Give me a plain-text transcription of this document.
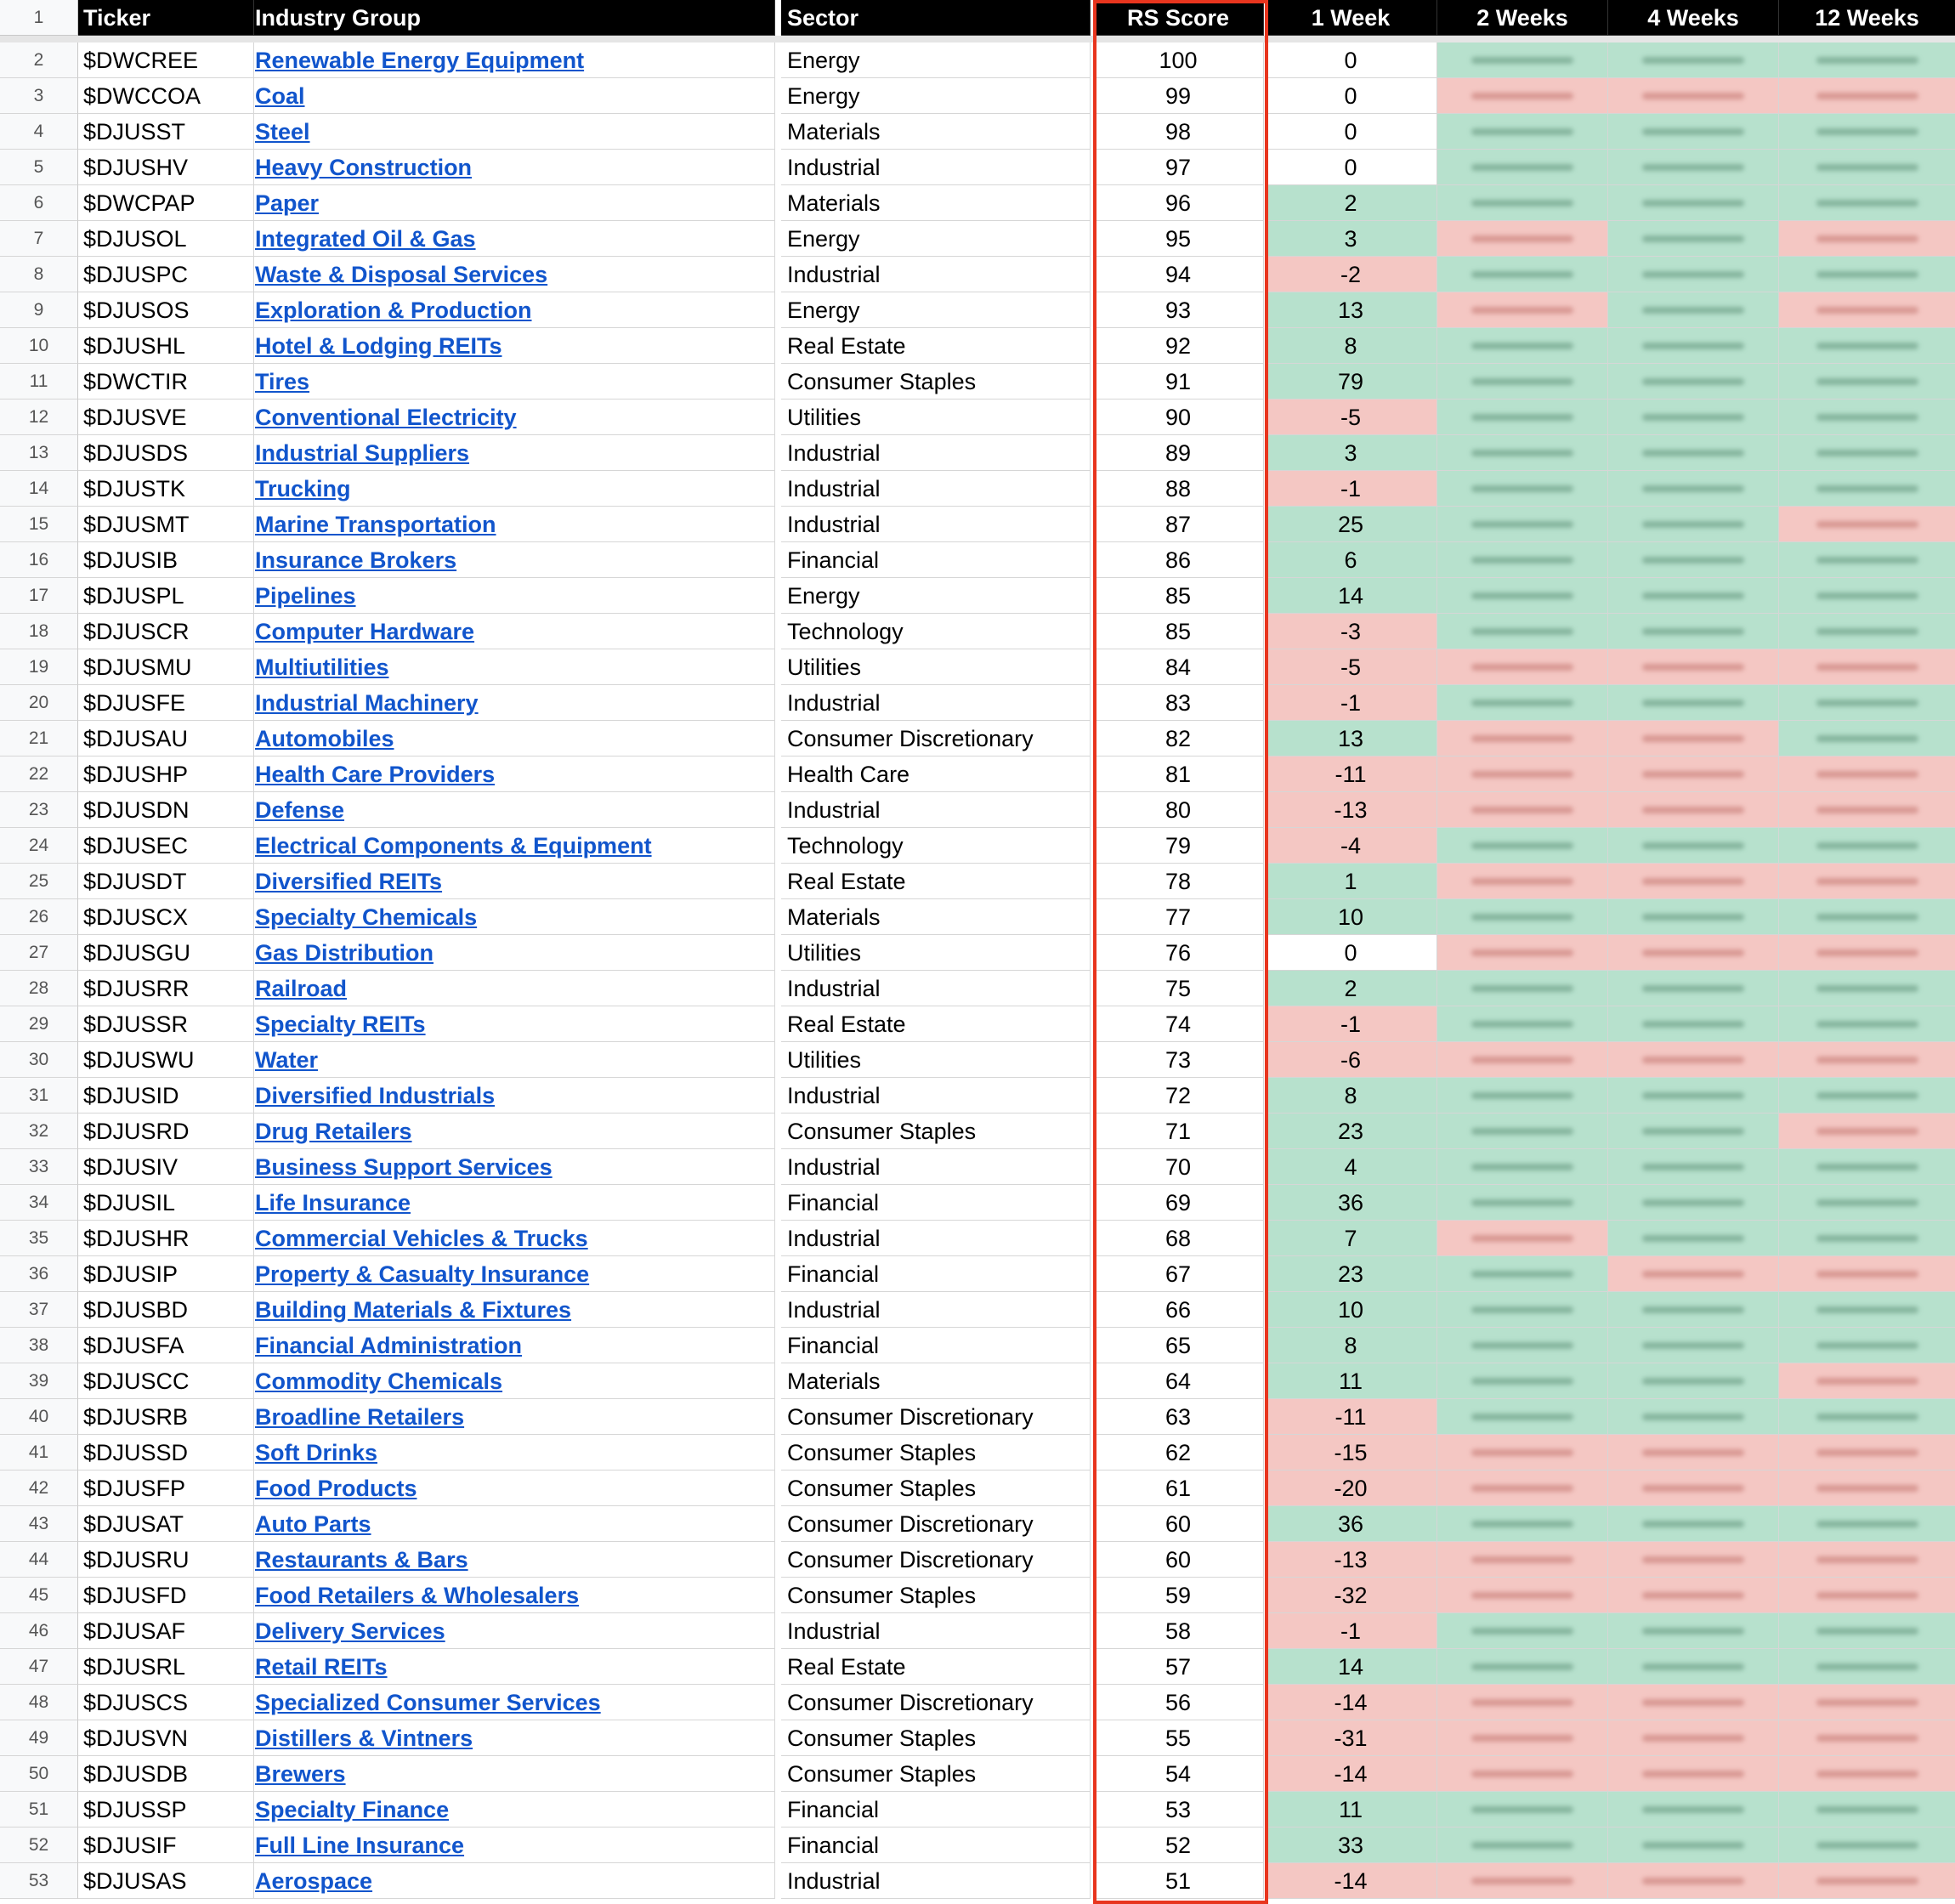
1	Ticker	Industry Group	Sector	RS Score	1 Week	2 Weeks	4 Weeks	12 Weeks
2	$DWCREE	Renewable Energy Equipment	Energy	100	0
3	$DWCCOA	Coal	Energy	99	0
4	$DJUSST	Steel	Materials	98	0
5	$DJUSHV	Heavy Construction	Industrial	97	0
6	$DWCPAP	Paper	Materials	96	2
7	$DJUSOL	Integrated Oil & Gas	Energy	95	3
8	$DJUSPC	Waste & Disposal Services	Industrial	94	-2
9	$DJUSOS	Exploration & Production	Energy	93	13
10	$DJUSHL	Hotel & Lodging REITs	Real Estate	92	8
11	$DWCTIR	Tires	Consumer Staples	91	79
12	$DJUSVE	Conventional Electricity	Utilities	90	-5
13	$DJUSDS	Industrial Suppliers	Industrial	89	3
14	$DJUSTK	Trucking	Industrial	88	-1
15	$DJUSMT	Marine Transportation	Industrial	87	25
16	$DJUSIB	Insurance Brokers	Financial	86	6
17	$DJUSPL	Pipelines	Energy	85	14
18	$DJUSCR	Computer Hardware	Technology	85	-3
19	$DJUSMU	Multiutilities	Utilities	84	-5
20	$DJUSFE	Industrial Machinery	Industrial	83	-1
21	$DJUSAU	Automobiles	Consumer Discretionary	82	13
22	$DJUSHP	Health Care Providers	Health Care	81	-11
23	$DJUSDN	Defense	Industrial	80	-13
24	$DJUSEC	Electrical Components & Equipment	Technology	79	-4
25	$DJUSDT	Diversified REITs	Real Estate	78	1
26	$DJUSCX	Specialty Chemicals	Materials	77	10
27	$DJUSGU	Gas Distribution	Utilities	76	0
28	$DJUSRR	Railroad	Industrial	75	2
29	$DJUSSR	Specialty REITs	Real Estate	74	-1
30	$DJUSWU	Water	Utilities	73	-6
31	$DJUSID	Diversified Industrials	Industrial	72	8
32	$DJUSRD	Drug Retailers	Consumer Staples	71	23
33	$DJUSIV	Business Support Services	Industrial	70	4
34	$DJUSIL	Life Insurance	Financial	69	36
35	$DJUSHR	Commercial Vehicles & Trucks	Industrial	68	7
36	$DJUSIP	Property & Casualty Insurance	Financial	67	23
37	$DJUSBD	Building Materials & Fixtures	Industrial	66	10
38	$DJUSFA	Financial Administration	Financial	65	8
39	$DJUSCC	Commodity Chemicals	Materials	64	11
40	$DJUSRB	Broadline Retailers	Consumer Discretionary	63	-11
41	$DJUSSD	Soft Drinks	Consumer Staples	62	-15
42	$DJUSFP	Food Products	Consumer Staples	61	-20
43	$DJUSAT	Auto Parts	Consumer Discretionary	60	36
44	$DJUSRU	Restaurants & Bars	Consumer Discretionary	60	-13
45	$DJUSFD	Food Retailers & Wholesalers	Consumer Staples	59	-32
46	$DJUSAF	Delivery Services	Industrial	58	-1
47	$DJUSRL	Retail REITs	Real Estate	57	14
48	$DJUSCS	Specialized Consumer Services	Consumer Discretionary	56	-14
49	$DJUSVN	Distillers & Vintners	Consumer Staples	55	-31
50	$DJUSDB	Brewers	Consumer Staples	54	-14
51	$DJUSSP	Specialty Finance	Financial	53	11
52	$DJUSIF	Full Line Insurance	Financial	52	33
53	$DJUSAS	Aerospace	Industrial	51	-14
